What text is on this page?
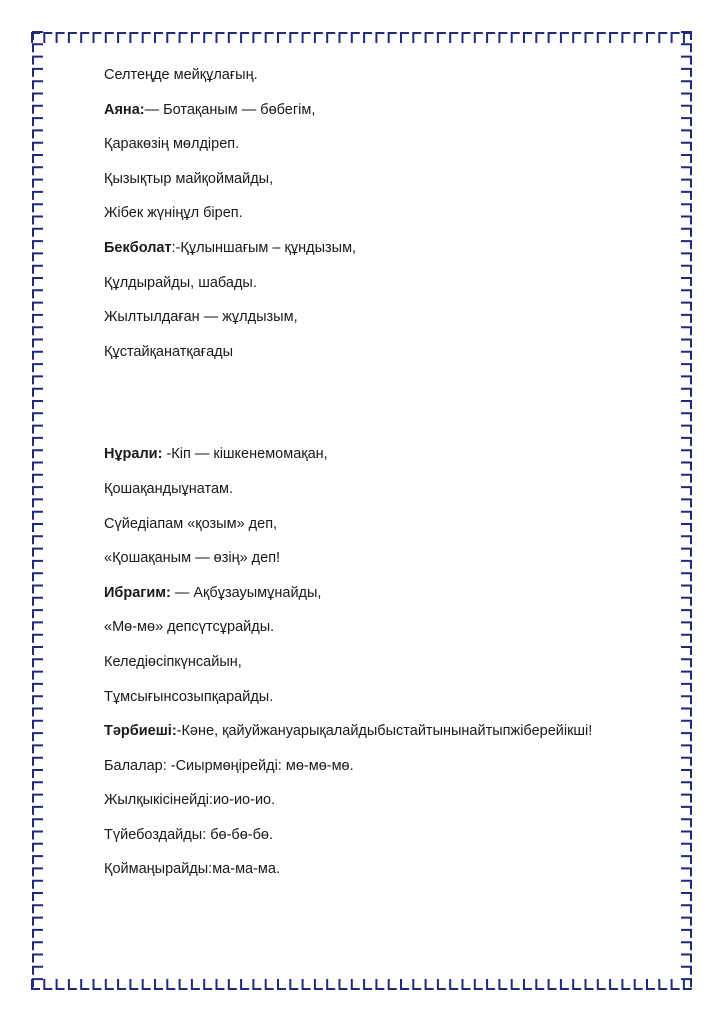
Селтеңде мейқұлағың.
Аяна:— Ботақаным — бөбегім,
Қаракөзің мөлдіреп.
Қызықтыр майқоймайды,
Жібек жүніңұл біреп.
Бекболат:-Құлыншағым – құндызым,
Құлдырайды, шабады.
Жылтылдаған — жұлдызым,
Құстайқанатқағады
Нұрали: -Кіп — кішкенемомақан,
Қошақандыұнатам.
Сүйедіапам «қозым» деп,
«Қошақаным — өзің» деп!
Ибрагим: — Ақбұзауымұнайды,
«Мө-мө» депсүтсұрайды.
Келедіөсіпкүнсайын,
Тұмсығынсозыпқарайды.
Тәрбиеші:-Кәне, қайуйжануарықалайдыбыстайтынынайтыпжіберейікші!
Балалар: -Сиырмөңірейді: мө-мө-мө.
Жылқыкісінейді:ио-ио-ио.
Түйебоздайды: бө-бө-бө.
Қоймаңырайды:ма-ма-ма.
